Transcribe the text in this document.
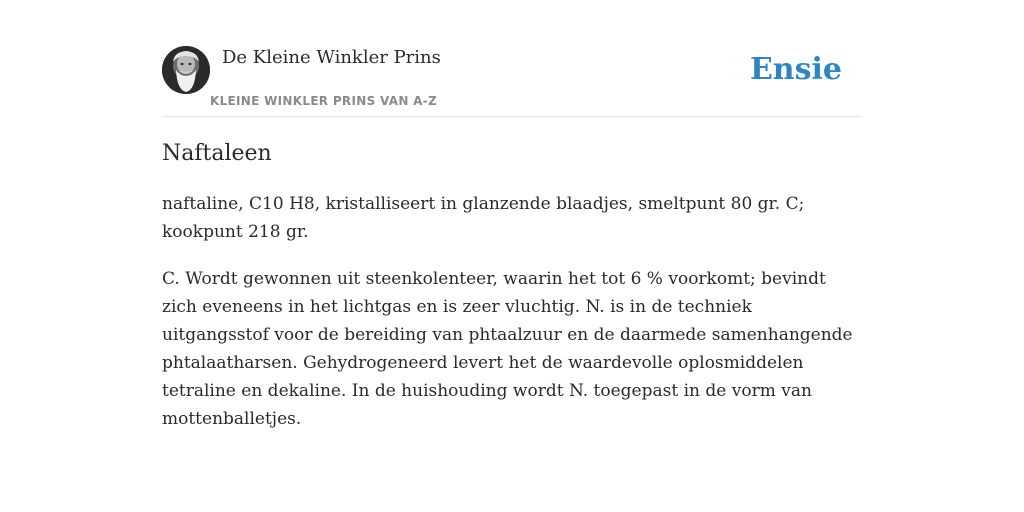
De Kleine Winkler Prins
KLEINE WINKLER PRINS VAN A-Z
Ensie
Naftaleen

naftaline, C10 H8, kristalliseert in glanzende blaadjes, smeltpunt 80 gr. C; kookpunt 218 gr.

C. Wordt gewonnen uit steenkolenteer, waarin het tot 6 % voorkomt; bevindt zich eveneens in het lichtgas en is zeer vluchtig. N. is in de techniek uitgangsstof voor de bereiding van phtaalzuur en de daarmede samenhangende phtalaatharsen. Gehydrogeneerd levert het de waardevolle oplosmiddelen tetraline en dekaline. In de huishouding wordt N. toegepast in de vorm van mottenballetjes.
